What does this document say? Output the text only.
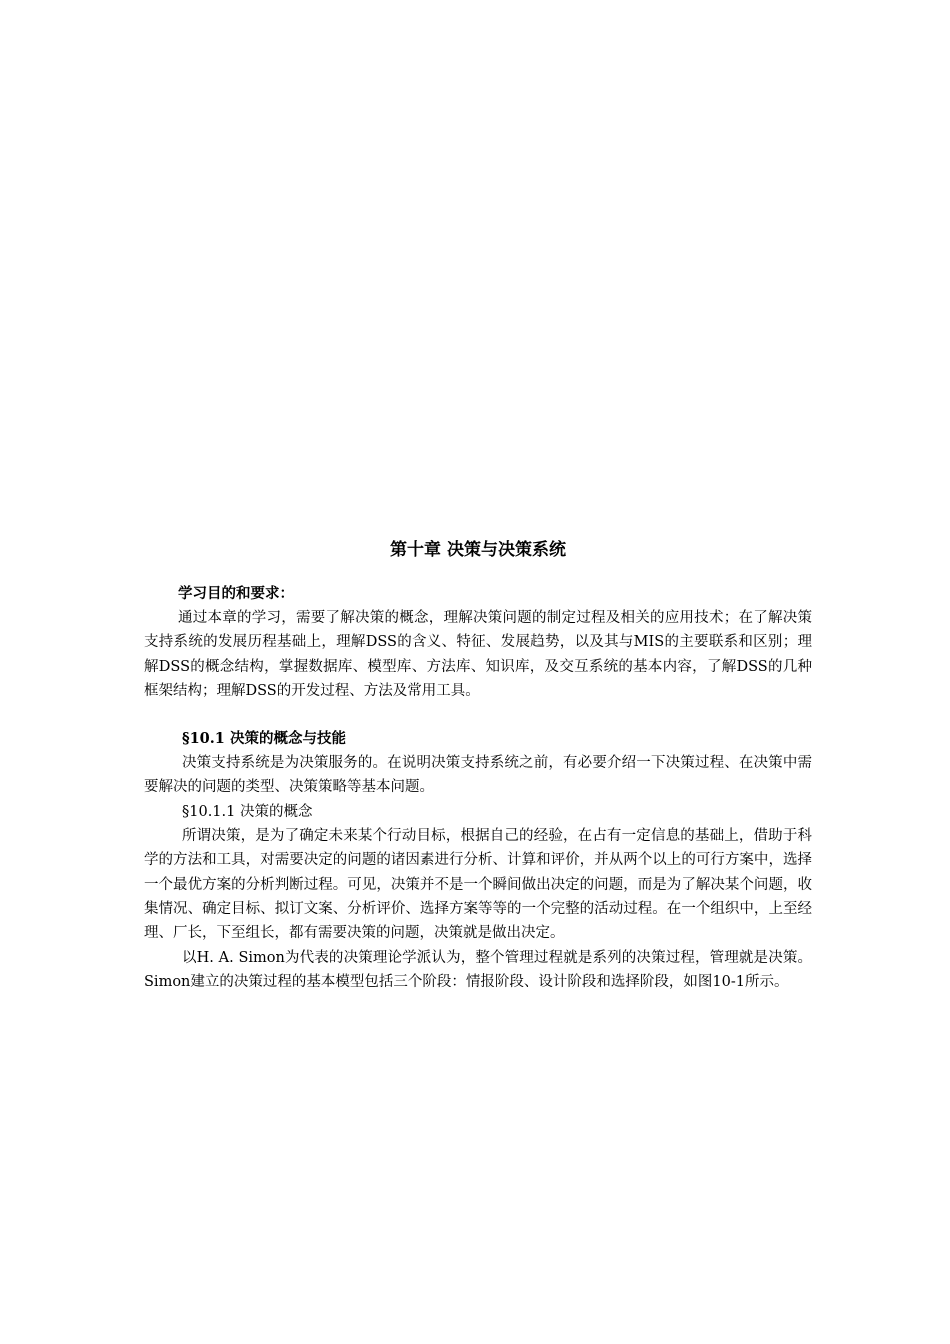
第十章 决策与决策系统

学习目的和要求：

通过本章的学习，需要了解决策的概念，理解决策问题的制定过程及相关的应用技术；在了解决策支持系统的发展历程基础上，理解DSS的含义、特征、发展趋势，以及其与MIS的主要联系和区别；理解DSS的概念结构，掌握数据库、模型库、方法库、知识库，及交互系统的基本内容，了解DSS的几种框架结构；理解DSS的开发过程、方法及常用工具。

§10.1 决策的概念与技能

决策支持系统是为决策服务的。在说明决策支持系统之前，有必要介绍一下决策过程、在决策中需要解决的问题的类型、决策策略等基本问题。

§10.1.1 决策的概念

所谓决策，是为了确定未来某个行动目标，根据自己的经验，在占有一定信息的基础上，借助于科学的方法和工具，对需要决定的问题的诸因素进行分析、计算和评价，并从两个以上的可行方案中，选择一个最优方案的分析判断过程。可见，决策并不是一个瞬间做出决定的问题，而是为了解决某个问题，收集情况、确定目标、拟订文案、分析评价、选择方案等等的一个完整的活动过程。在一个组织中，上至经理、厂长，下至组长，都有需要决策的问题，决策就是做出决定。

以H. A. Simon为代表的决策理论学派认为，整个管理过程就是系列的决策过程，管理就是决策。Simon建立的决策过程的基本模型包括三个阶段：情报阶段、设计阶段和选择阶段，如图10-1所示。
